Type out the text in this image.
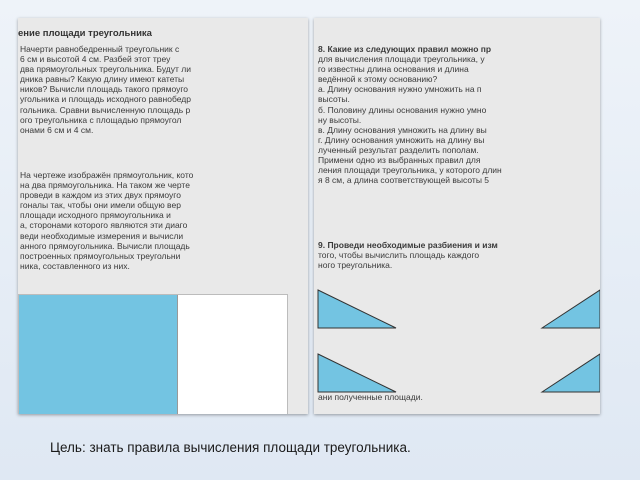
ение площади треугольника

Начерти равнобедренный треугольник с
6 см и высотой 4 см. Разбей этот треу
два прямоугольных треугольника. Будут ли
дника равны? Какую длину имеют катеты
ников? Вычисли площадь такого прямоуго
угольника и площадь исходного равнобедр
гольника. Сравни вычисленную площадь р
ого треугольника с площадью прямоугол
онами 6 см и 4 см.

На чертеже изображён прямоугольник, кото
на два прямоугольника. На таком же черте
проведи в каждом из этих двух прямоуго
гоналы так, чтобы они имели общую вер
площади исходного прямоугольника и
а, сторонами которого являются эти диаго
веди необходимые измерения и вычисли
анного прямоугольника. Вычисли площадь
построенных прямоугольных треугольни
ника, составленного из них.

8. Какие из следующих правил можно пр
для вычисления площади треугольника, у
го известны длина основания и длина
ведённой к этому основанию?
а. Длину основания нужно умножить на п
высоты.
б. Половину длины основания нужно умно
ну высоты.
в. Длину основания умножить на длину вы
г. Длину основания умножить на длину вы
лученный результат разделить пополам.
Примени одно из выбранных правил для
ления площади треугольника, у которого длин
я 8 см, а длина соответствующей высоты 5

9. Проведи необходимые разбиения и изм
того, чтобы вычислить площадь каждого
ного треугольника.

ани полученные площади.

Цель: знать правила вычисления площади треугольника.
